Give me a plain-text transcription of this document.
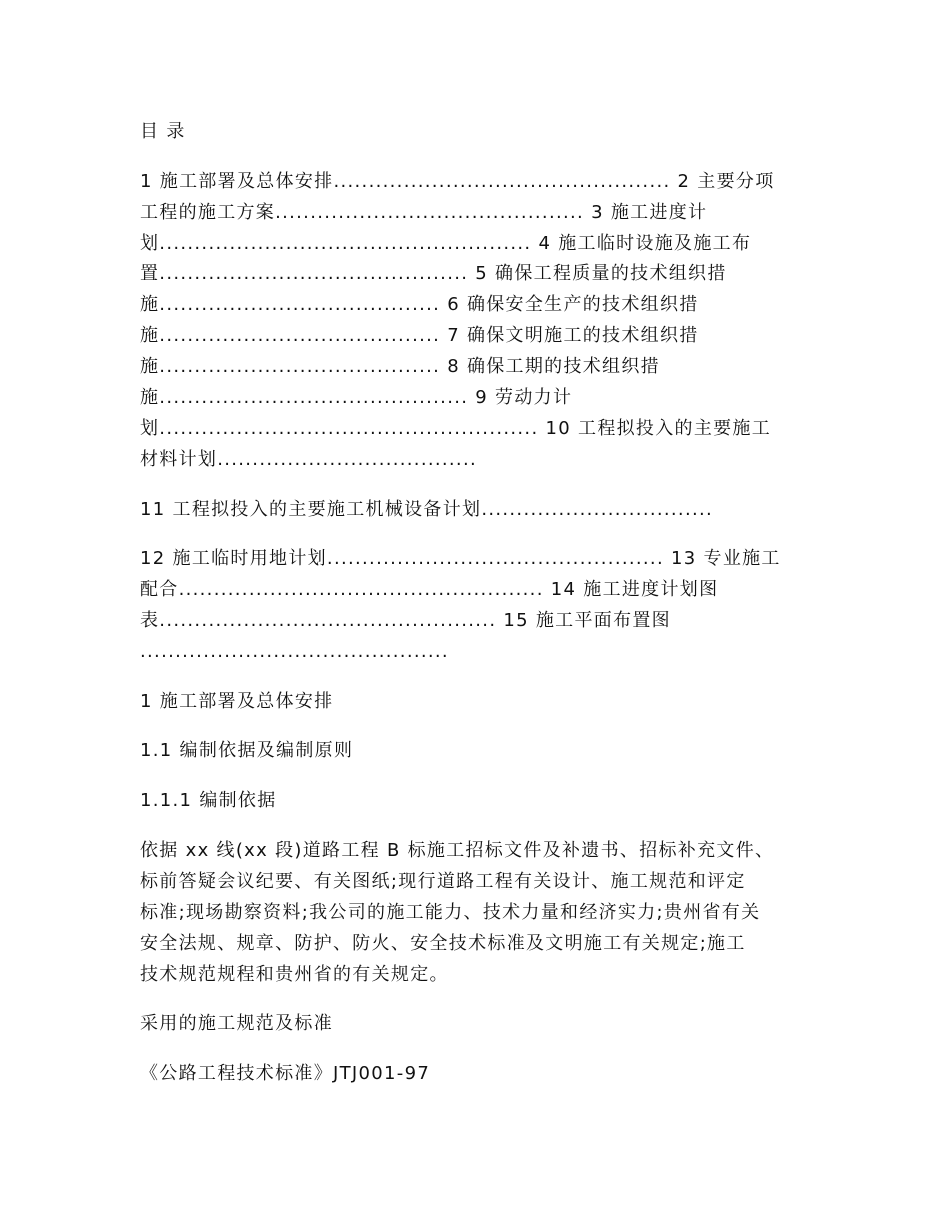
目 录
1 施工部署及总体安排................................................ 2 主要分项
工程的施工方案............................................ 3 施工进度计
划..................................................... 4 施工临时设施及施工布
置............................................ 5 确保工程质量的技术组织措
施........................................ 6 确保安全生产的技术组织措
施........................................ 7 确保文明施工的技术组织措
施........................................ 8 确保工期的技术组织措
施............................................ 9 劳动力计
划...................................................... 10 工程拟投入的主要施工
材料计划.....................................
11 工程拟投入的主要施工机械设备计划.................................
12 施工临时用地计划................................................ 13 专业施工
配合.................................................... 14 施工进度计划图
表................................................ 15 施工平面布置图
............................................
1 施工部署及总体安排
1.1 编制依据及编制原则
1.1.1 编制依据
依据 xx 线(xx 段)道路工程 B 标施工招标文件及补遗书、招标补充文件、
标前答疑会议纪要、有关图纸;现行道路工程有关设计、施工规范和评定
标准;现场勘察资料;我公司的施工能力、技术力量和经济实力;贵州省有关
安全法规、规章、防护、防火、安全技术标准及文明施工有关规定;施工
技术规范规程和贵州省的有关规定。
采用的施工规范及标准
《公路工程技术标准》JTJ001-97
